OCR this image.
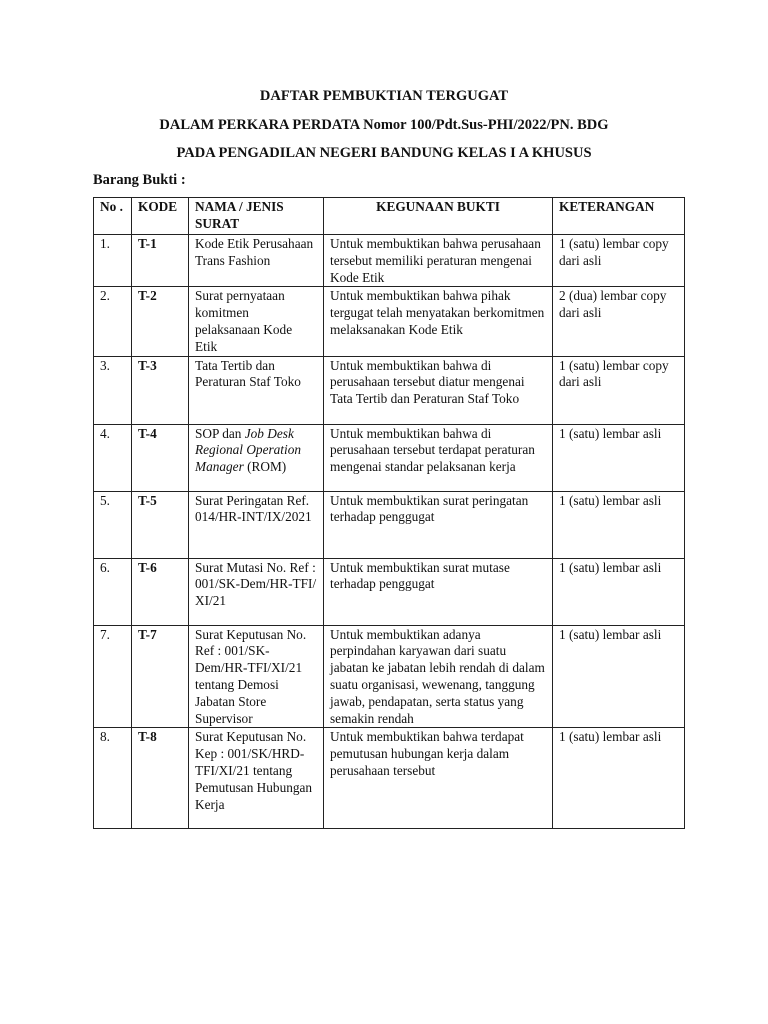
DAFTAR PEMBUKTIAN TERGUGAT
DALAM PERKARA PERDATA Nomor 100/Pdt.Sus-PHI/2022/PN. BDG
PADA PENGADILAN NEGERI BANDUNG KELAS I A KHUSUS
Barang Bukti :
No .	KODE	NAMA / JENIS SURAT	KEGUNAAN BUKTI	KETERANGAN
1.	T-1	Kode Etik Perusahaan Trans Fashion	Untuk membuktikan bahwa perusahaan tersebut memiliki peraturan mengenai Kode Etik	1 (satu) lembar copy dari asli
2.	T-2	Surat pernyataan komitmen pelaksanaan Kode Etik	Untuk membuktikan bahwa pihak tergugat telah menyatakan berkomitmen melaksanakan Kode Etik	2 (dua) lembar copy dari asli
3.	T-3	Tata Tertib dan Peraturan Staf Toko	Untuk membuktikan bahwa di perusahaan tersebut diatur mengenai Tata Tertib dan Peraturan Staf Toko	1 (satu) lembar copy dari asli
4.	T-4	SOP dan Job Desk Regional Operation Manager (ROM)	Untuk membuktikan bahwa di perusahaan tersebut terdapat peraturan mengenai standar pelaksanan kerja	1 (satu) lembar asli
5.	T-5	Surat Peringatan Ref. 014/HR-INT/IX/2021	Untuk membuktikan surat peringatan terhadap penggugat	1 (satu) lembar asli
6.	T-6	Surat Mutasi No. Ref : 001/SK-Dem/HR-TFI/XI/21	Untuk membuktikan surat mutase terhadap penggugat	1 (satu) lembar asli
7.	T-7	Surat Keputusan No. Ref : 001/SK-Dem/HR-TFI/XI/21 tentang Demosi Jabatan Store Supervisor	Untuk membuktikan adanya perpindahan karyawan dari suatu jabatan ke jabatan lebih rendah di dalam suatu organisasi, wewenang, tanggung jawab, pendapatan, serta status yang semakin rendah	1 (satu) lembar asli
8.	T-8	Surat Keputusan No. Kep : 001/SK/HRD-TFI/XI/21 tentang Pemutusan Hubungan Kerja	Untuk membuktikan bahwa terdapat pemutusan hubungan kerja dalam perusahaan tersebut	1 (satu) lembar asli
